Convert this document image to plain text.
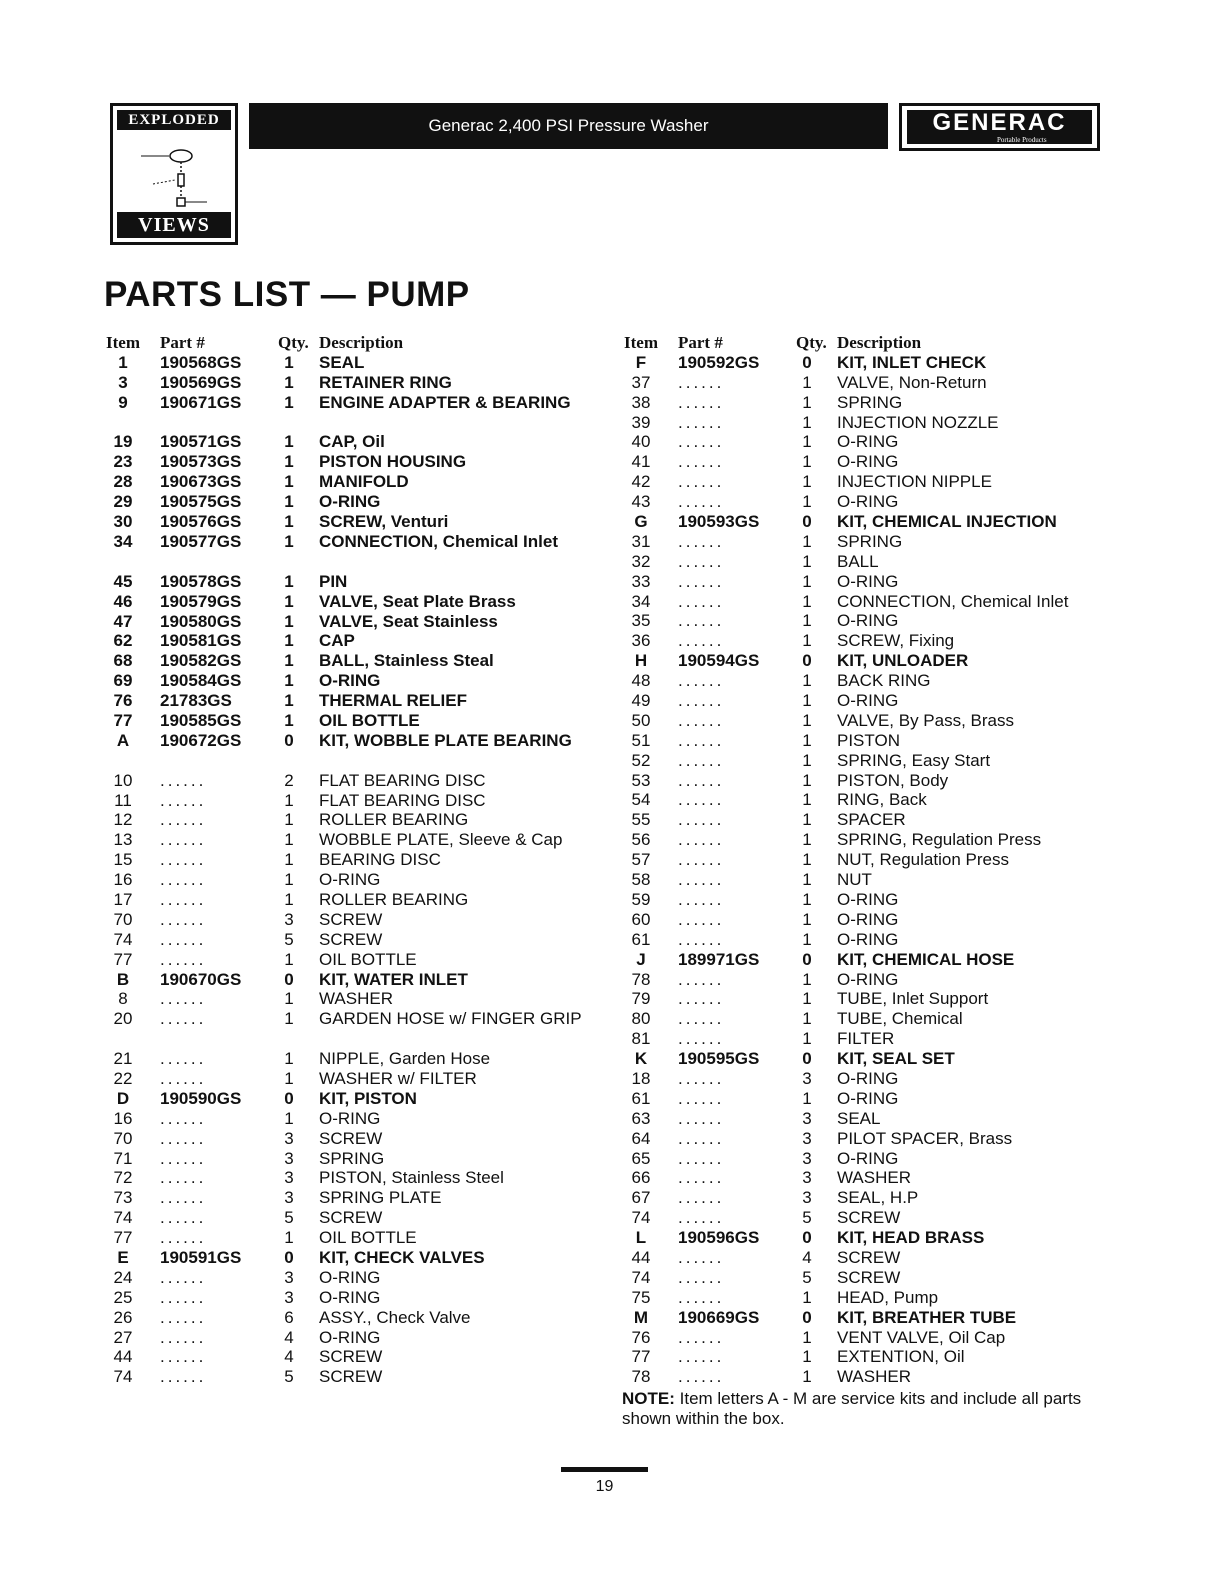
EXPLODED
VIEWS
Generac 2,400 PSI Pressure Washer	GENERAC
Portable Products
PARTS LIST — PUMP
Item Part #	Qty. Description
1	190568GS	1	SEAL
3	190569GS	1	RETAINER RING
9	190671GS	1	ENGINE ADAPTER & BEARING
19	190571GS	1	CAP, Oil
23	190573GS	1	PISTON HOUSING
28	190673GS	1	MANIFOLD
29	190575GS	1	O-RING
30	190576GS	1	SCREW, Venturi
34	190577GS	1	CONNECTION, Chemical Inlet
45	190578GS	1	PIN
46	190579GS	1	VALVE, Seat Plate Brass
47	190580GS	1	VALVE, Seat Stainless
62	190581GS	1	CAP
68	190582GS	1	BALL, Stainless Steal
69	190584GS	1	O-RING
76	21783GS	1	THERMAL RELIEF
77	190585GS	1	OIL BOTTLE
A	190672GS	0	KIT, WOBBLE PLATE BEARING
10	......	2	FLAT BEARING DISC
11	......	1	FLAT BEARING DISC
12	......	1	ROLLER BEARING
13	......	1	WOBBLE PLATE, Sleeve & Cap
15	......	1	BEARING DISC
16	......	1	O-RING
17	......	1	ROLLER BEARING
70	......	3	SCREW
74	......	5	SCREW
77	......	1	OIL BOTTLE
B	190670GS	0	KIT, WATER INLET
8	......	1	WASHER
20	......	1	GARDEN HOSE w/ FINGER GRIP
21	......	1	NIPPLE, Garden Hose
22	......	1	WASHER w/ FILTER
D	190590GS	0	KIT, PISTON
16	......	1	O-RING
70	......	3	SCREW
71	......	3	SPRING
72	......	3	PISTON, Stainless Steel
73	......	3	SPRING PLATE
74	......	5	SCREW
77	......	1	OIL BOTTLE
E	190591GS	0	KIT, CHECK VALVES
24	......	3	O-RING
25	......	3	O-RING
26	......	6	ASSY., Check Valve
27	......	4	O-RING
44	......	4	SCREW
74	......	5	SCREW
Item Part #	Qty. Description
F	190592GS	0	KIT, INLET CHECK
37	......	1	VALVE, Non-Return
38	......	1	SPRING
39	......	1	INJECTION NOZZLE
40	......	1	O-RING
41	......	1	O-RING
42	......	1	INJECTION NIPPLE
43	......	1	O-RING
G	190593GS	0	KIT, CHEMICAL INJECTION
31	......	1	SPRING
32	......	1	BALL
33	......	1	O-RING
34	......	1	CONNECTION, Chemical Inlet
35	......	1	O-RING
36	......	1	SCREW, Fixing
H	190594GS	0	KIT, UNLOADER
48	......	1	BACK RING
49	......	1	O-RING
50	......	1	VALVE, By Pass, Brass
51	......	1	PISTON
52	......	1	SPRING, Easy Start
53	......	1	PISTON, Body
54	......	1	RING, Back
55	......	1	SPACER
56	......	1	SPRING, Regulation Press
57	......	1	NUT, Regulation Press
58	......	1	NUT
59	......	1	O-RING
60	......	1	O-RING
61	......	1	O-RING
J	189971GS	0	KIT, CHEMICAL HOSE
78	......	1	O-RING
79	......	1	TUBE, Inlet Support
80	......	1	TUBE, Chemical
81	......	1	FILTER
K	190595GS	0	KIT, SEAL SET
18	......	3	O-RING
61	......	1	O-RING
63	......	3	SEAL
64	......	3	PILOT SPACER, Brass
65	......	3	O-RING
66	......	3	WASHER
67	......	3	SEAL, H.P
74	......	5	SCREW
L	190596GS	0	KIT, HEAD BRASS
44	......	4	SCREW
74	......	5	SCREW
75	......	1	HEAD, Pump
M	190669GS	0	KIT, BREATHER TUBE
76	......	1	VENT VALVE, Oil Cap
77	......	1	EXTENTION, Oil
78	......	1	WASHER
NOTE: Item letters A - M are service kits and include all parts shown within the box.
19
